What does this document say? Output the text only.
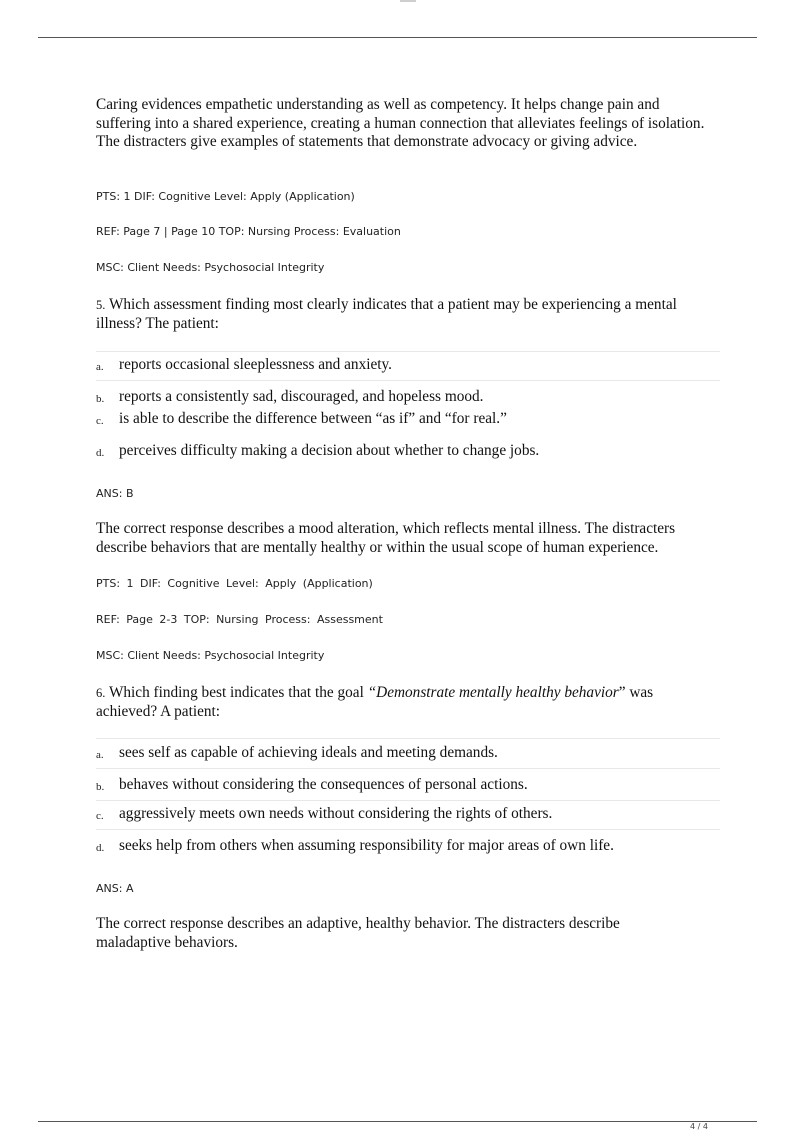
Caring evidences empathetic understanding as well as competency. It helps change pain and suffering into a shared experience, creating a human connection that alleviates feelings of isolation. The distracters give examples of statements that demonstrate advocacy or giving advice.
PTS: 1 DIF: Cognitive Level: Apply (Application)
REF: Page 7 | Page 10 TOP: Nursing Process: Evaluation
MSC: Client Needs: Psychosocial Integrity
5. Which assessment finding most clearly indicates that a patient may be experiencing a mental illness? The patient:
a. reports occasional sleeplessness and anxiety.
b. reports a consistently sad, discouraged, and hopeless mood.
c. is able to describe the difference between “as if” and “for real.”
d. perceives difficulty making a decision about whether to change jobs.
ANS: B
The correct response describes a mood alteration, which reflects mental illness. The distracters describe behaviors that are mentally healthy or within the usual scope of human experience.
PTS: 1 DIF: Cognitive Level: Apply (Application)
REF: Page 2-3 TOP: Nursing Process: Assessment
MSC: Client Needs: Psychosocial Integrity
6. Which finding best indicates that the goal “Demonstrate mentally healthy behavior” was achieved? A patient:
a. sees self as capable of achieving ideals and meeting demands.
b. behaves without considering the consequences of personal actions.
c. aggressively meets own needs without considering the rights of others.
d. seeks help from others when assuming responsibility for major areas of own life.
ANS: A
The correct response describes an adaptive, healthy behavior. The distracters describe maladaptive behaviors.
4 / 4
